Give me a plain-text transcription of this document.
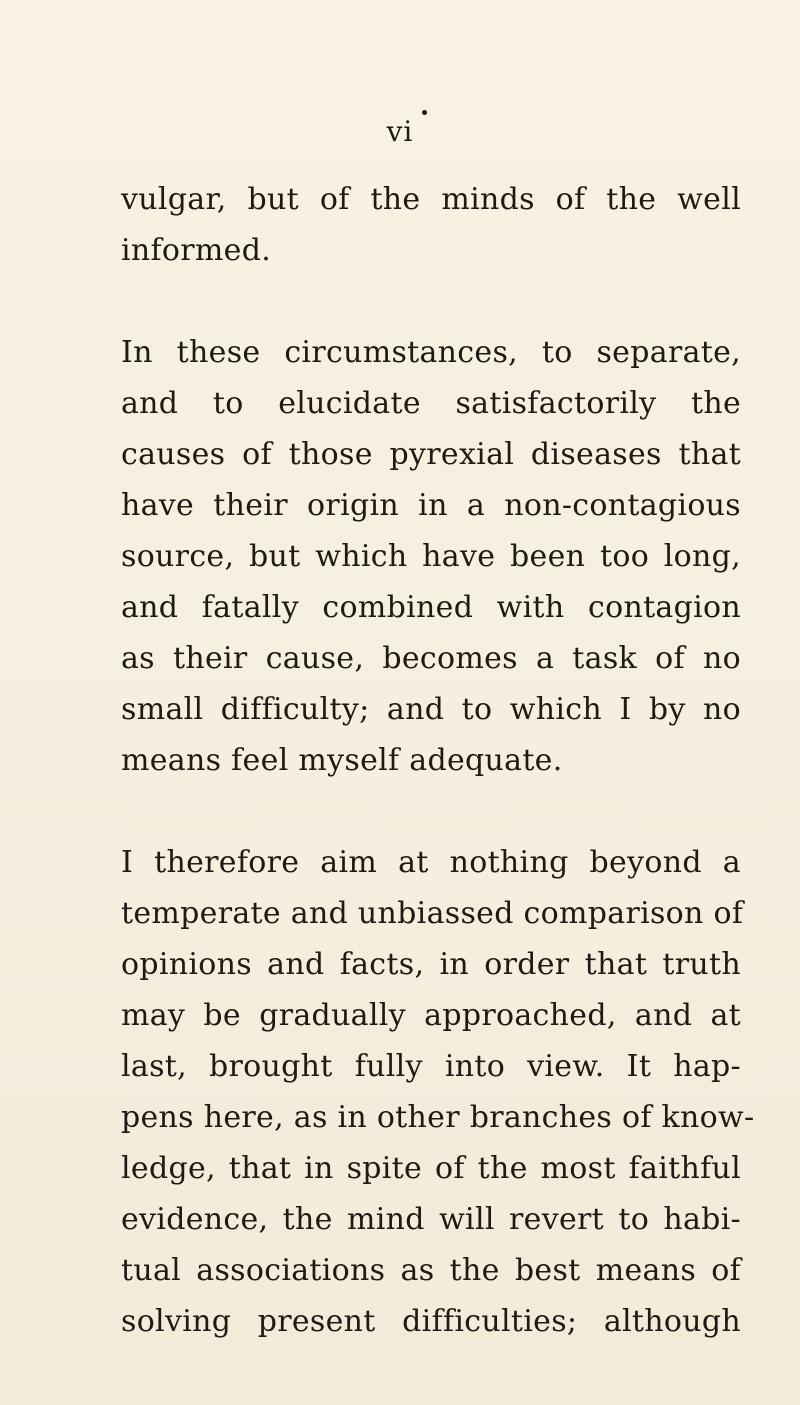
vi

vulgar, but of the minds of the well
informed.

In these circumstances, to separate,
and to elucidate satisfactorily the
causes of those pyrexial diseases that
have their origin in a non-contagious
source, but which have been too long,
and fatally combined with contagion
as their cause, becomes a task of no
small difficulty; and to which I by no
means feel myself adequate.

I therefore aim at nothing beyond a
temperate and unbiassed comparison of
opinions and facts, in order that truth
may be gradually approached, and at
last, brought fully into view. It hap-
pens here, as in other branches of know-
ledge, that in spite of the most faithful
evidence, the mind will revert to habi-
tual associations as the best means of
solving present difficulties; although
